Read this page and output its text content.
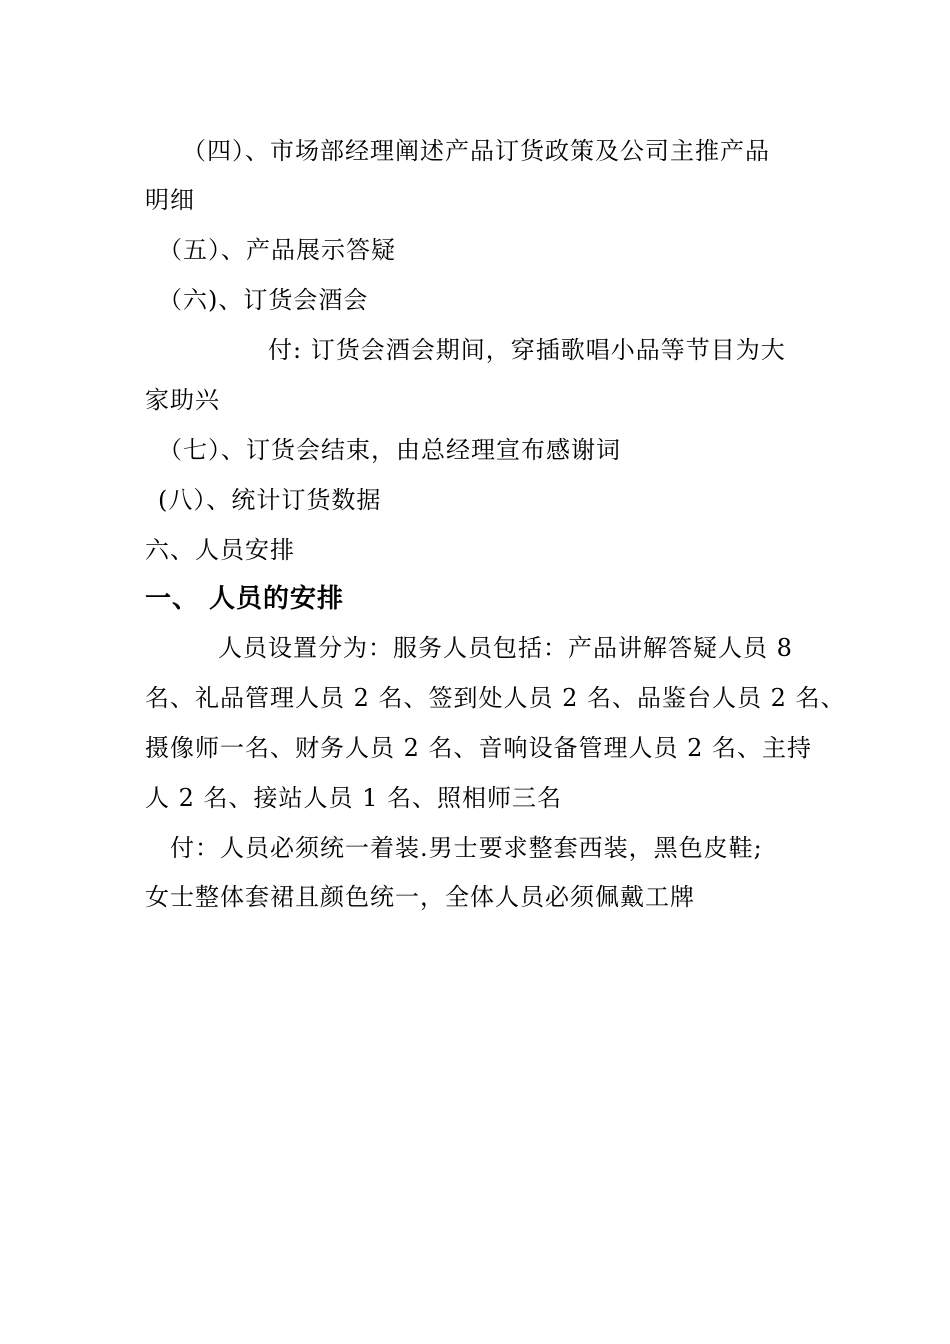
（四）、市场部经理阐述产品订货政策及公司主推产品
明细
（五）、产品展示答疑
（六)、订货会酒会
付: 订货会酒会期间，穿插歌唱小品等节目为大
家助兴
（七）、订货会结束，由总经理宣布感谢词
(八）、统计订货数据
六、人员安排
一、 人员的安排
人员设置分为：服务人员包括：产品讲解答疑人员 8
名、礼品管理人员 2 名、签到处人员 2 名、品鉴台人员 2 名、
摄像师一名、财务人员 2 名、音响设备管理人员 2 名、主持
人 2 名、接站人员 1 名、照相师三名
付：人员必须统一着装.男士要求整套西装，黑色皮鞋;
女士整体套裙且颜色统一，全体人员必须佩戴工牌
